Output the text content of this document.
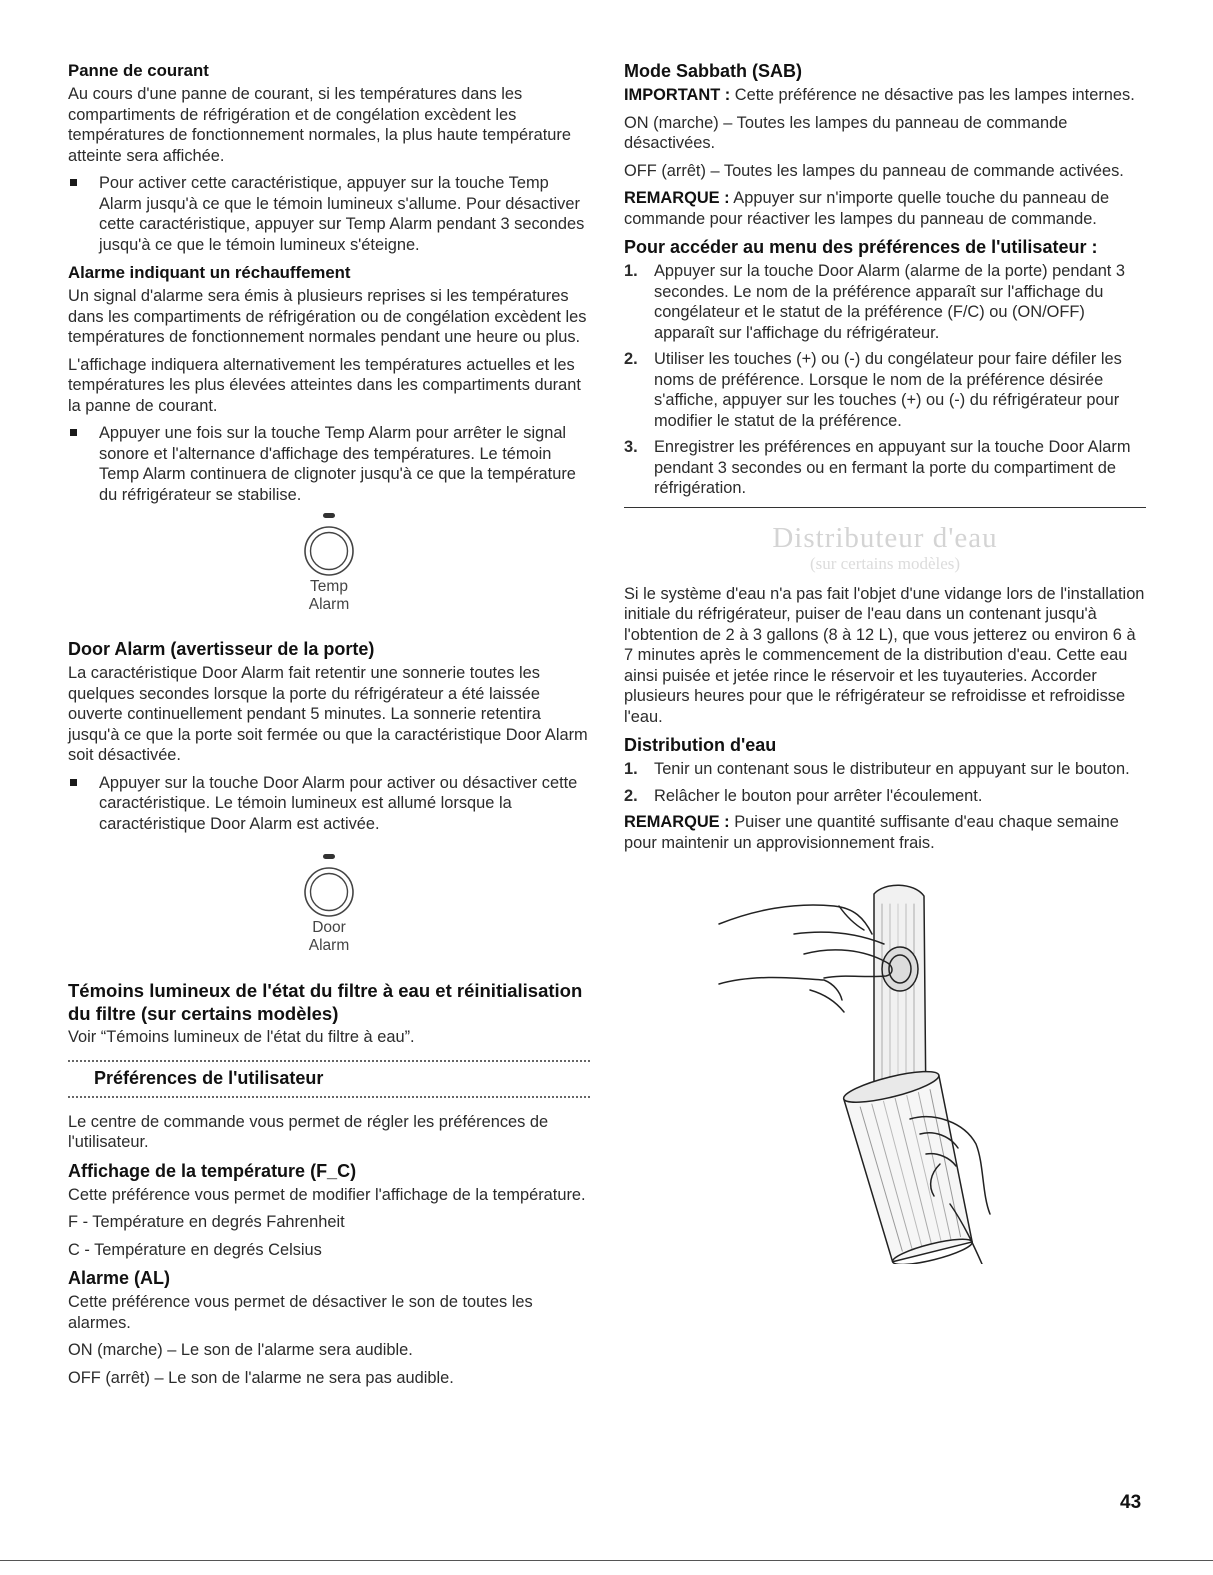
Panne de courant

Au cours d'une panne de courant, si les températures dans les compartiments de réfrigération et de congélation excèdent les températures de fonctionnement normales, la plus haute température atteinte sera affichée.

Pour activer cette caractéristique, appuyer sur la touche Temp Alarm jusqu'à ce que le témoin lumineux s'allume. Pour désactiver cette caractéristique, appuyer sur Temp Alarm pendant 3 secondes jusqu'à ce que le témoin lumineux s'éteigne.
Alarme indiquant un réchauffement

Un signal d'alarme sera émis à plusieurs reprises si les températures dans les compartiments de réfrigération ou de congélation excèdent les températures de fonctionnement normales pendant une heure ou plus.

L'affichage indiquera alternativement les températures actuelles et les températures les plus élevées atteintes dans les compartiments durant la panne de courant.

Appuyer une fois sur la touche Temp Alarm pour arrêter le signal sonore et l'alternance d'affichage des températures. Le témoin Temp Alarm continuera de clignoter jusqu'à ce que la température du réfrigérateur se stabilise.
Temp
Alarm
Door Alarm (avertisseur de la porte)

La caractéristique Door Alarm fait retentir une sonnerie toutes les quelques secondes lorsque la porte du réfrigérateur a été laissée ouverte continuellement pendant 5 minutes. La sonnerie retentira jusqu'à ce que la porte soit fermée ou que la caractéristique Door Alarm soit désactivée.

Appuyer sur la touche Door Alarm pour activer ou désactiver cette caractéristique. Le témoin lumineux est allumé lorsque la caractéristique Door Alarm est activée.
Door
Alarm
Témoins lumineux de l'état du filtre à eau et réinitialisation du filtre (sur certains modèles)

Voir “Témoins lumineux de l'état du filtre à eau”.

Préférences de l'utilisateur

Le centre de commande vous permet de régler les préférences de l'utilisateur.

Affichage de la température (F_C)

Cette préférence vous permet de modifier l'affichage de la température.

F - Température en degrés Fahrenheit

C - Température en degrés Celsius

Alarme (AL)

Cette préférence vous permet de désactiver le son de toutes les alarmes.

ON (marche) – Le son de l'alarme sera audible.

OFF (arrêt) – Le son de l'alarme ne sera pas audible.

Mode Sabbath (SAB)

IMPORTANT : Cette préférence ne désactive pas les lampes internes.

ON (marche) – Toutes les lampes du panneau de commande désactivées.

OFF (arrêt) – Toutes les lampes du panneau de commande activées.

REMARQUE : Appuyer sur n'importe quelle touche du panneau de commande pour réactiver les lampes du panneau de commande.

Pour accéder au menu des préférences de l'utilisateur :
1. Appuyer sur la touche Door Alarm (alarme de la porte) pendant 3 secondes. Le nom de la préférence apparaît sur l'affichage du congélateur et le statut de la préférence (F/C) ou (ON/OFF) apparaît sur l'affichage du réfrigérateur.
2. Utiliser les touches (+) ou (-) du congélateur pour faire défiler les noms de préférence. Lorsque le nom de la préférence désirée s'affiche, appuyer sur les touches (+) ou (-) du réfrigérateur pour modifier le statut de la préférence.
3. Enregistrer les préférences en appuyant sur la touche Door Alarm pendant 3 secondes ou en fermant la porte du compartiment de réfrigération.
Distributeur d'eau
(sur certains modèles)

Si le système d'eau n'a pas fait l'objet d'une vidange lors de l'installation initiale du réfrigérateur, puiser de l'eau dans un contenant jusqu'à l'obtention de 2 à 3 gallons (8 à 12 L), que vous jetterez ou environ 6 à 7 minutes après le commencement de la distribution d'eau. Cette eau ainsi puisée et jetée rince le réservoir et les tuyauteries. Accorder plusieurs heures pour que le réfrigérateur se refroidisse et refroidisse l'eau.

Distribution d'eau
1. Tenir un contenant sous le distributeur en appuyant sur le bouton.
2. Relâcher le bouton pour arrêter l'écoulement.

REMARQUE : Puiser une quantité suffisante d'eau chaque semaine pour maintenir un approvisionnement frais.

43
